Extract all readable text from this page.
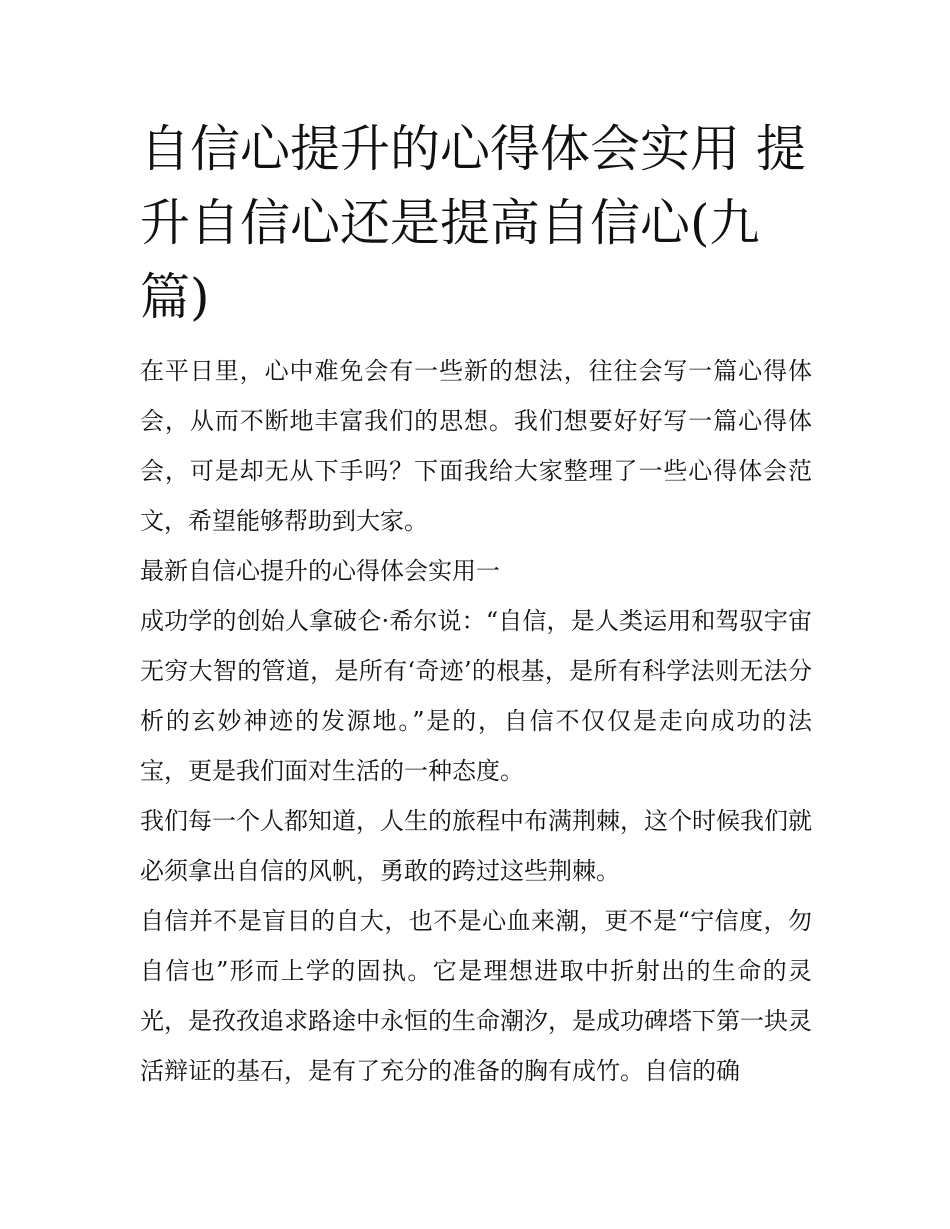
自信心提升的心得体会实用 提升自信心还是提高自信心(九篇)

在平日里，心中难免会有一些新的想法，往往会写一篇心得体会，从而不断地丰富我们的思想。我们想要好好写一篇心得体会，可是却无从下手吗？下面我给大家整理了一些心得体会范文，希望能够帮助到大家。

最新自信心提升的心得体会实用一

成功学的创始人拿破仑·希尔说：“自信，是人类运用和驾驭宇宙无穷大智的管道，是所有‘奇迹’的根基，是所有科学法则无法分析的玄妙神迹的发源地。”是的，自信不仅仅是走向成功的法宝，更是我们面对生活的一种态度。

我们每一个人都知道，人生的旅程中布满荆棘，这个时候我们就必须拿出自信的风帆，勇敢的跨过这些荆棘。

自信并不是盲目的自大，也不是心血来潮，更不是“宁信度，勿自信也”形而上学的固执。它是理想进取中折射出的生命的灵光，是孜孜追求路途中永恒的生命潮汐，是成功碑塔下第一块灵活辩证的基石，是有了充分的准备的胸有成竹。自信的确
